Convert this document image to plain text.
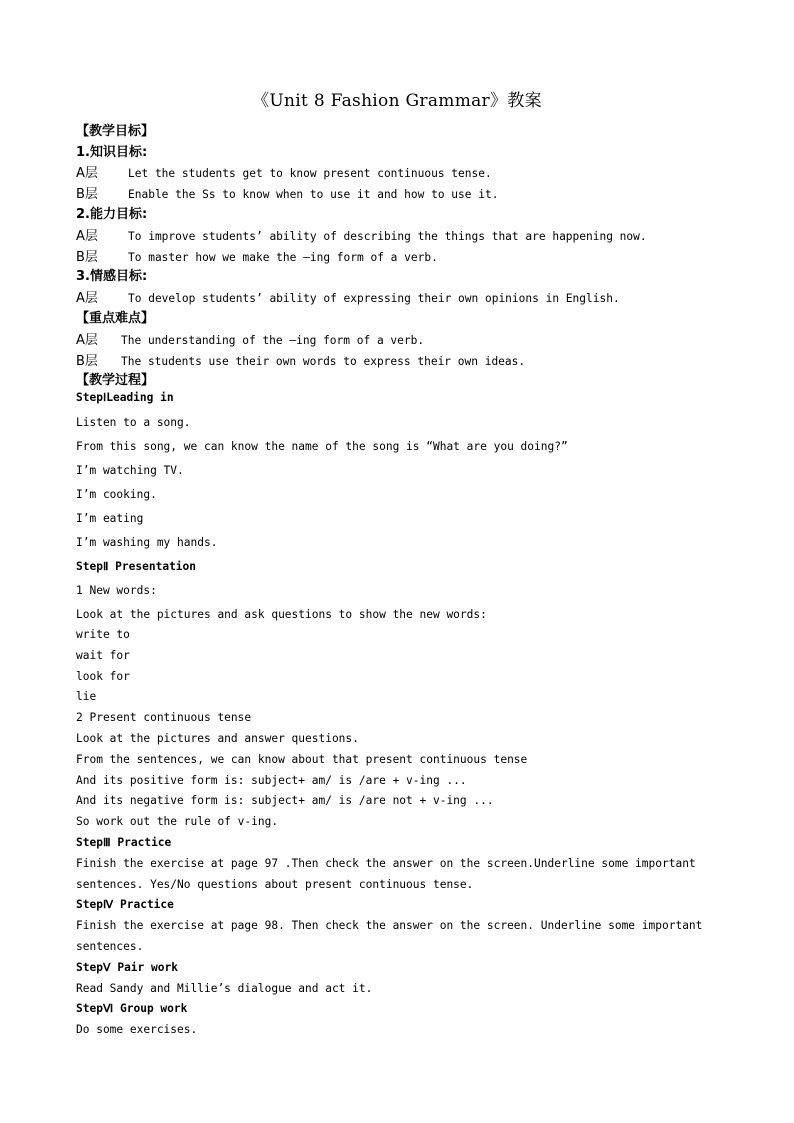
《Unit 8 Fashion Grammar》教案
【教学目标】
1.知识目标:
A层	Let the students get to know present continuous tense.
B层	Enable the Ss to know when to use it and how to use it.
2.能力目标:
A层	To improve students’ ability of describing the things that are happening now.
B层	To master how we make the –ing form of a verb.
3.情感目标:
A层	To develop students’ ability of expressing their own opinions in English.
【重点难点】
A层 The understanding of the –ing form of a verb.
B层 The students use their own words to express their own ideas.
【教学过程】
StepⅠLeading in
Listen to a song.
From this song, we can know the name of the song is “What are you doing?”
I’m watching TV.
I’m cooking.
I’m eating
I’m washing my hands.
StepⅡ Presentation
1 New words:
Look at the pictures and ask questions to show the new words:
write to
wait for
look for
lie
2 Present continuous tense
Look at the pictures and answer questions.
From the sentences, we can know about that present continuous tense
And its positive form is: subject+ am/ is /are + v-ing ...
And its negative form is: subject+ am/ is /are not + v-ing ...
So work out the rule of v-ing.
StepⅢ Practice
Finish the exercise at page 97 .Then check the answer on the screen.Underline some important
sentences. Yes/No questions about present continuous tense.
StepⅣ Practice
Finish the exercise at page 98. Then check the answer on the screen. Underline some important
sentences.
StepⅤ Pair work
Read Sandy and Millie’s dialogue and act it.
StepⅥ Group work
Do some exercises.
